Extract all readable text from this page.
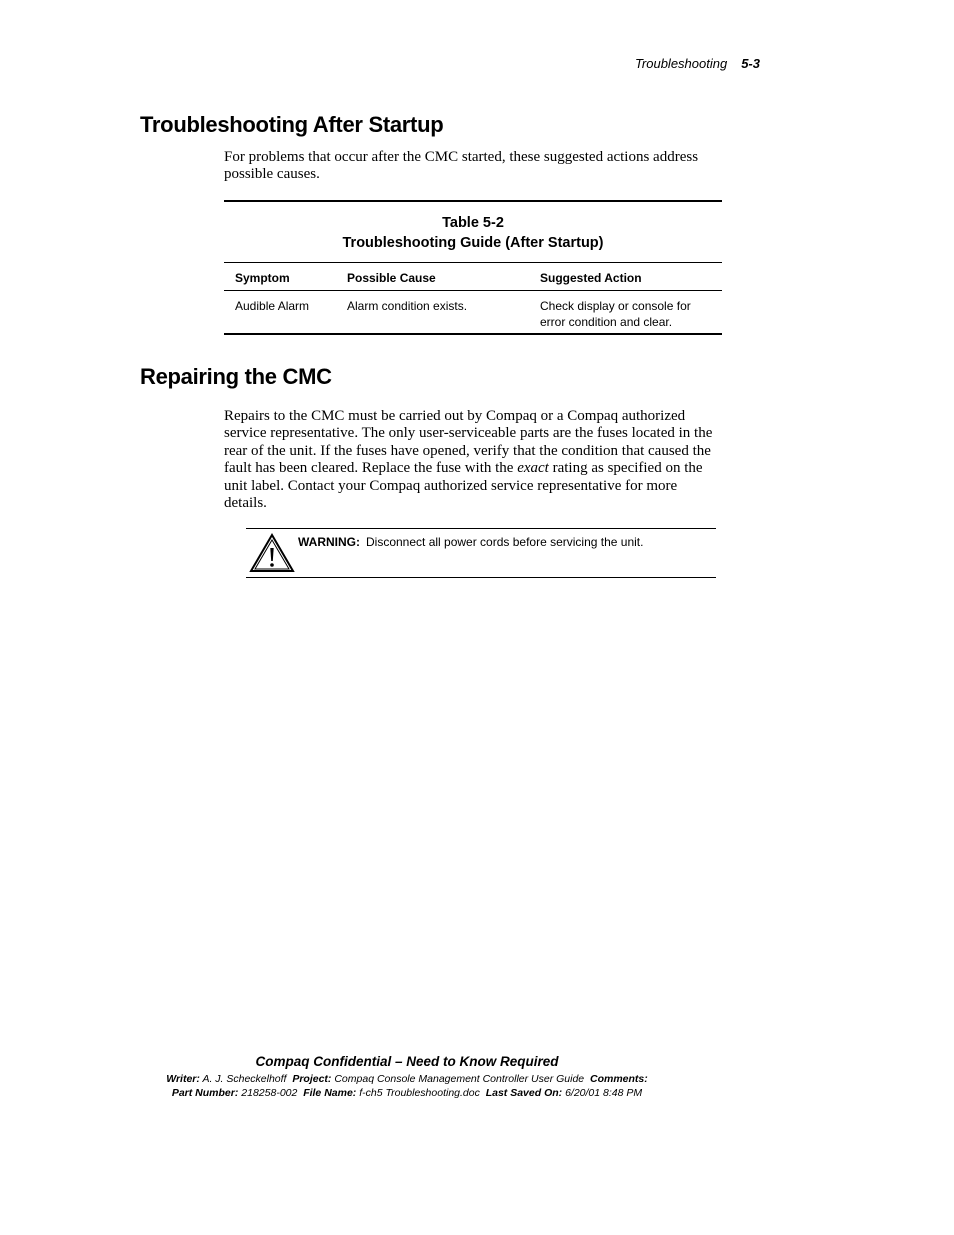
Troubleshooting 5-3
Troubleshooting After Startup

For problems that occur after the CMC started, these suggested actions address possible causes.

Table 5-2
Troubleshooting Guide (After Startup)
Symptom	Possible Cause	Suggested Action
Audible Alarm	Alarm condition exists.	Check display or console for error condition and clear.
Repairing the CMC

Repairs to the CMC must be carried out by Compaq or a Compaq authorized service representative. The only user-serviceable parts are the fuses located in the rear of the unit. If the fuses have opened, verify that the condition that caused the fault has been cleared. Replace the fuse with the exact rating as specified on the unit label. Contact your Compaq authorized service representative for more details.

WARNING: Disconnect all power cords before servicing the unit.
Compaq Confidential – Need to Know Required
Writer: A. J. Scheckelhoff Project: Compaq Console Management Controller User Guide Comments:
Part Number: 218258-002 File Name: f-ch5 Troubleshooting.doc Last Saved On: 6/20/01 8:48 PM
